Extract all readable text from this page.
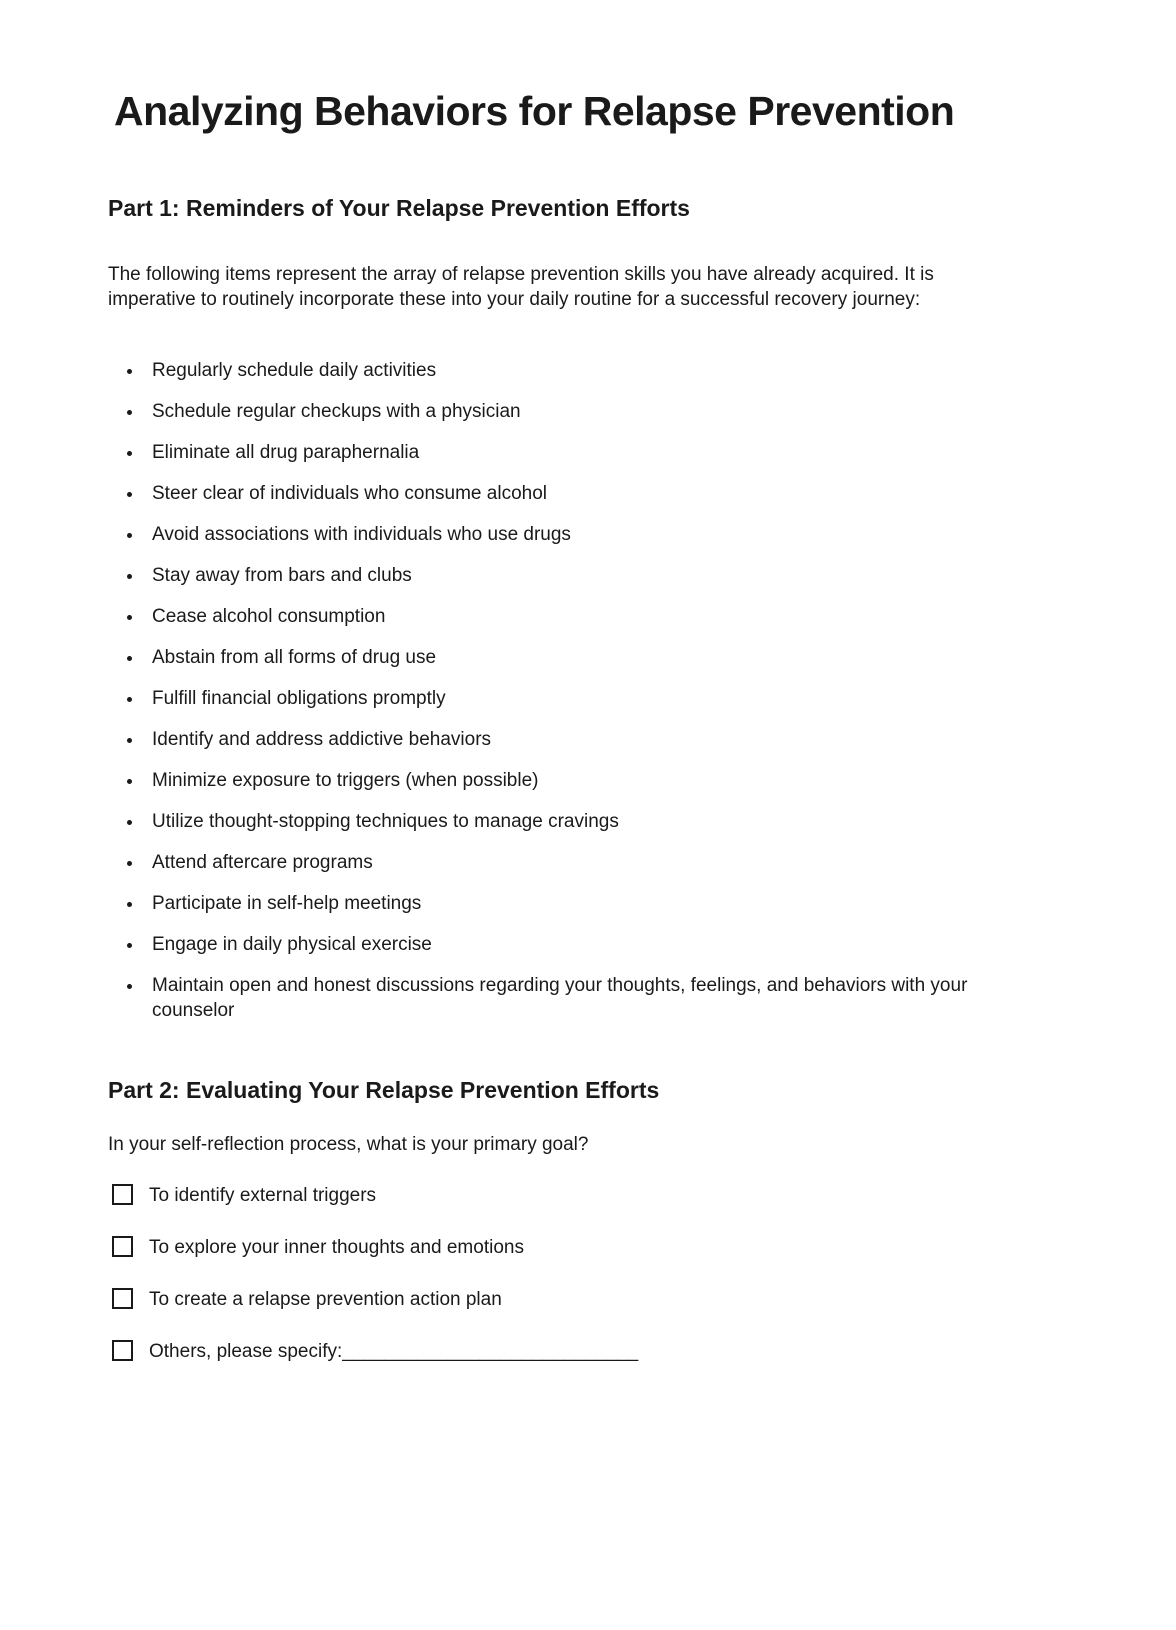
Analyzing Behaviors for Relapse Prevention
Part 1: Reminders of Your Relapse Prevention Efforts

The following items represent the array of relapse prevention skills you have already acquired. It is imperative to routinely incorporate these into your daily routine for a successful recovery journey:

• Regularly schedule daily activities
• Schedule regular checkups with a physician
• Eliminate all drug paraphernalia
• Steer clear of individuals who consume alcohol
• Avoid associations with individuals who use drugs
• Stay away from bars and clubs
• Cease alcohol consumption
• Abstain from all forms of drug use
• Fulfill financial obligations promptly
• Identify and address addictive behaviors
• Minimize exposure to triggers (when possible)
• Utilize thought-stopping techniques to manage cravings
• Attend aftercare programs
• Participate in self-help meetings
• Engage in daily physical exercise
• Maintain open and honest discussions regarding your thoughts, feelings, and behaviors with your counselor
Part 2: Evaluating Your Relapse Prevention Efforts

In your self-reflection process, what is your primary goal?

To identify external triggers
To explore your inner thoughts and emotions
To create a relapse prevention action plan
Others, please specify: ____________________________
